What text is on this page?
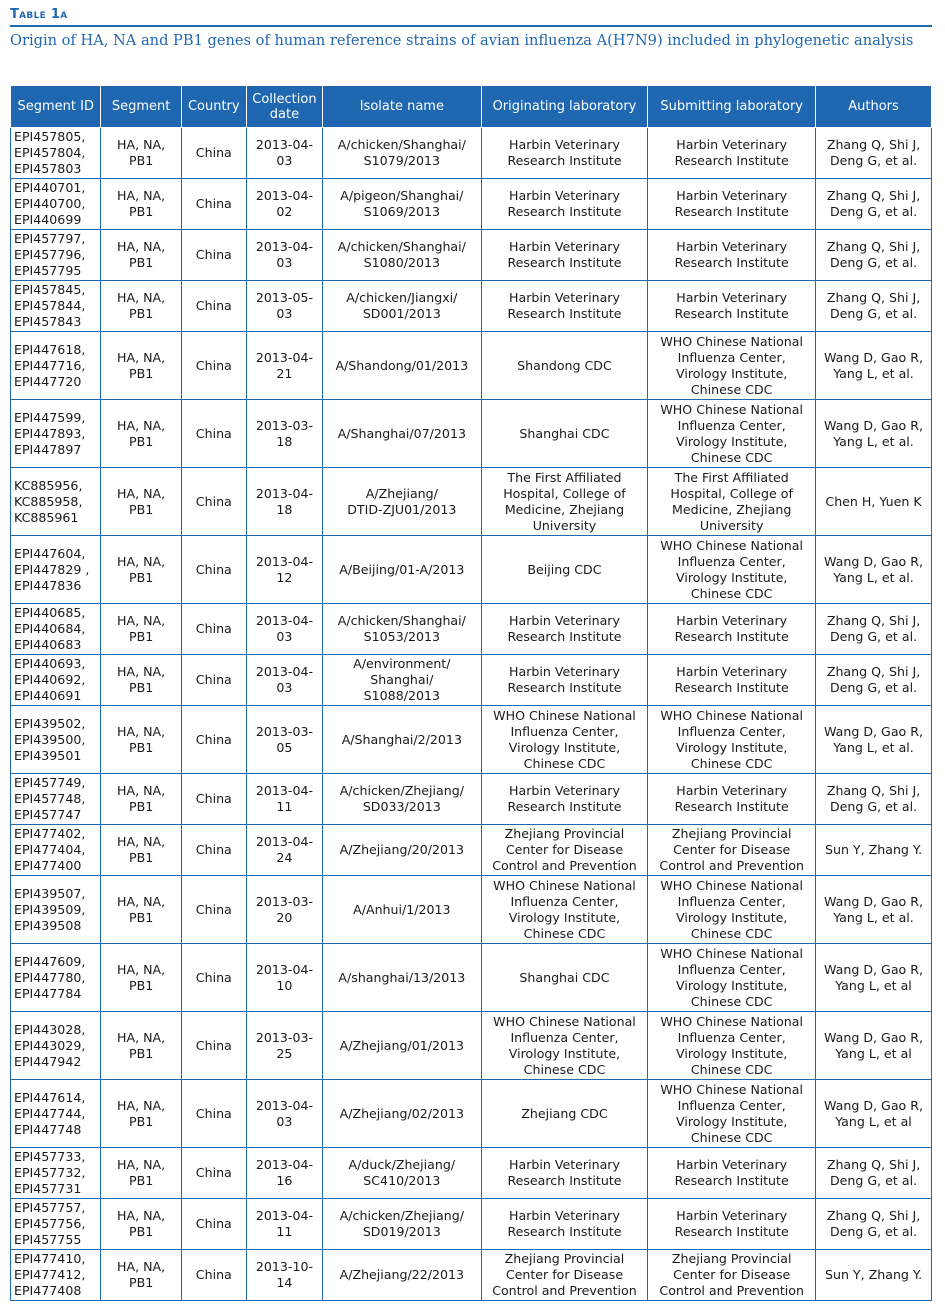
Table 1a
Origin of HA, NA and PB1 genes of human reference strains of avian influenza A(H7N9) included in phylogenetic analysis
Segment ID	Segment	Country	Collection date	Isolate name	Originating laboratory	Submitting laboratory	Authors
EPI457805,
EPI457804,
EPI457803	HA, NA,
PB1	China	2013-04-
03	A/chicken/Shanghai/
S1079/2013	Harbin Veterinary
Research Institute	Harbin Veterinary
Research Institute	Zhang Q, Shi J,
Deng G, et al.
EPI440701,
EPI440700,
EPI440699	HA, NA,
PB1	China	2013-04-
02	A/pigeon/Shanghai/
S1069/2013	Harbin Veterinary
Research Institute	Harbin Veterinary
Research Institute	Zhang Q, Shi J,
Deng G, et al.
EPI457797,
EPI457796,
EPI457795	HA, NA,
PB1	China	2013-04-
03	A/chicken/Shanghai/
S1080/2013	Harbin Veterinary
Research Institute	Harbin Veterinary
Research Institute	Zhang Q, Shi J,
Deng G, et al.
EPI457845,
EPI457844,
EPI457843	HA, NA,
PB1	China	2013-05-
03	A/chicken/Jiangxi/
SD001/2013	Harbin Veterinary
Research Institute	Harbin Veterinary
Research Institute	Zhang Q, Shi J,
Deng G, et al.
EPI447618,
EPI447716,
EPI447720	HA, NA,
PB1	China	2013-04-
21	A/Shandong/01/2013	Shandong CDC	WHO Chinese National
Influenza Center,
Virology Institute,
Chinese CDC	Wang D, Gao R,
Yang L, et al.
EPI447599,
EPI447893,
EPI447897	HA, NA,
PB1	China	2013-03-
18	A/Shanghai/07/2013	Shanghai CDC	WHO Chinese National
Influenza Center,
Virology Institute,
Chinese CDC	Wang D, Gao R,
Yang L, et al.
KC885956,
KC885958,
KC885961	HA, NA,
PB1	China	2013-04-
18	A/Zhejiang/
DTID-ZJU01/2013	The First Affiliated
Hospital, College of
Medicine, Zhejiang
University	The First Affiliated
Hospital, College of
Medicine, Zhejiang
University	Chen H, Yuen K
EPI447604,
EPI447829 ,
EPI447836	HA, NA,
PB1	China	2013-04-
12	A/Beijing/01-A/2013	Beijing CDC	WHO Chinese National
Influenza Center,
Virology Institute,
Chinese CDC	Wang D, Gao R,
Yang L, et al.
EPI440685,
EPI440684,
EPI440683	HA, NA,
PB1	China	2013-04-
03	A/chicken/Shanghai/
S1053/2013	Harbin Veterinary
Research Institute	Harbin Veterinary
Research Institute	Zhang Q, Shi J,
Deng G, et al.
EPI440693,
EPI440692,
EPI440691	HA, NA,
PB1	China	2013-04-
03	A/environment/
Shanghai/
S1088/2013	Harbin Veterinary
Research Institute	Harbin Veterinary
Research Institute	Zhang Q, Shi J,
Deng G, et al.
EPI439502,
EPI439500,
EPI439501	HA, NA,
PB1	China	2013-03-
05	A/Shanghai/2/2013	WHO Chinese National
Influenza Center,
Virology Institute,
Chinese CDC	WHO Chinese National
Influenza Center,
Virology Institute,
Chinese CDC	Wang D, Gao R,
Yang L, et al.
EPI457749,
EPI457748,
EPI457747	HA, NA,
PB1	China	2013-04-11	A/chicken/Zhejiang/
SD033/2013	Harbin Veterinary
Research Institute	Harbin Veterinary
Research Institute	Zhang Q, Shi J,
Deng G, et al.
EPI477402,
EPI477404,
EPI477400	HA, NA,
PB1	China	2013-04-
24	A/Zhejiang/20/2013	Zhejiang Provincial
Center for Disease
Control and Prevention	Zhejiang Provincial
Center for Disease
Control and Prevention	Sun Y, Zhang Y.
EPI439507,
EPI439509,
EPI439508	HA, NA,
PB1	China	2013-03-
20	A/Anhui/1/2013	WHO Chinese National
Influenza Center,
Virology Institute,
Chinese CDC	WHO Chinese National
Influenza Center,
Virology Institute,
Chinese CDC	Wang D, Gao R,
Yang L, et al.
EPI447609,
EPI447780,
EPI447784	HA, NA,
PB1	China	2013-04-
10	A/shanghai/13/2013	Shanghai CDC	WHO Chinese National
Influenza Center,
Virology Institute,
Chinese CDC	Wang D, Gao R,
Yang L, et al
EPI443028,
EPI443029,
EPI447942	HA, NA,
PB1	China	2013-03-
25	A/Zhejiang/01/2013	WHO Chinese National
Influenza Center,
Virology Institute,
Chinese CDC	WHO Chinese National
Influenza Center,
Virology Institute,
Chinese CDC	Wang D, Gao R,
Yang L, et al
EPI447614,
EPI447744,
EPI447748	HA, NA,
PB1	China	2013-04-
03	A/Zhejiang/02/2013	Zhejiang CDC	WHO Chinese National
Influenza Center,
Virology Institute,
Chinese CDC	Wang D, Gao R,
Yang L, et al
EPI457733,
EPI457732,
EPI457731	HA, NA,
PB1	China	2013-04-
16	A/duck/Zhejiang/
SC410/2013	Harbin Veterinary
Research Institute	Harbin Veterinary
Research Institute	Zhang Q, Shi J,
Deng G, et al.
EPI457757,
EPI457756,
EPI457755	HA, NA,
PB1	China	2013-04-11	A/chicken/Zhejiang/
SD019/2013	Harbin Veterinary
Research Institute	Harbin Veterinary
Research Institute	Zhang Q, Shi J,
Deng G, et al.
EPI477410,
EPI477412,
EPI477408	HA, NA,
PB1	China	2013-10-
14	A/Zhejiang/22/2013	Zhejiang Provincial
Center for Disease
Control and Prevention	Zhejiang Provincial
Center for Disease
Control and Prevention	Sun Y, Zhang Y.
